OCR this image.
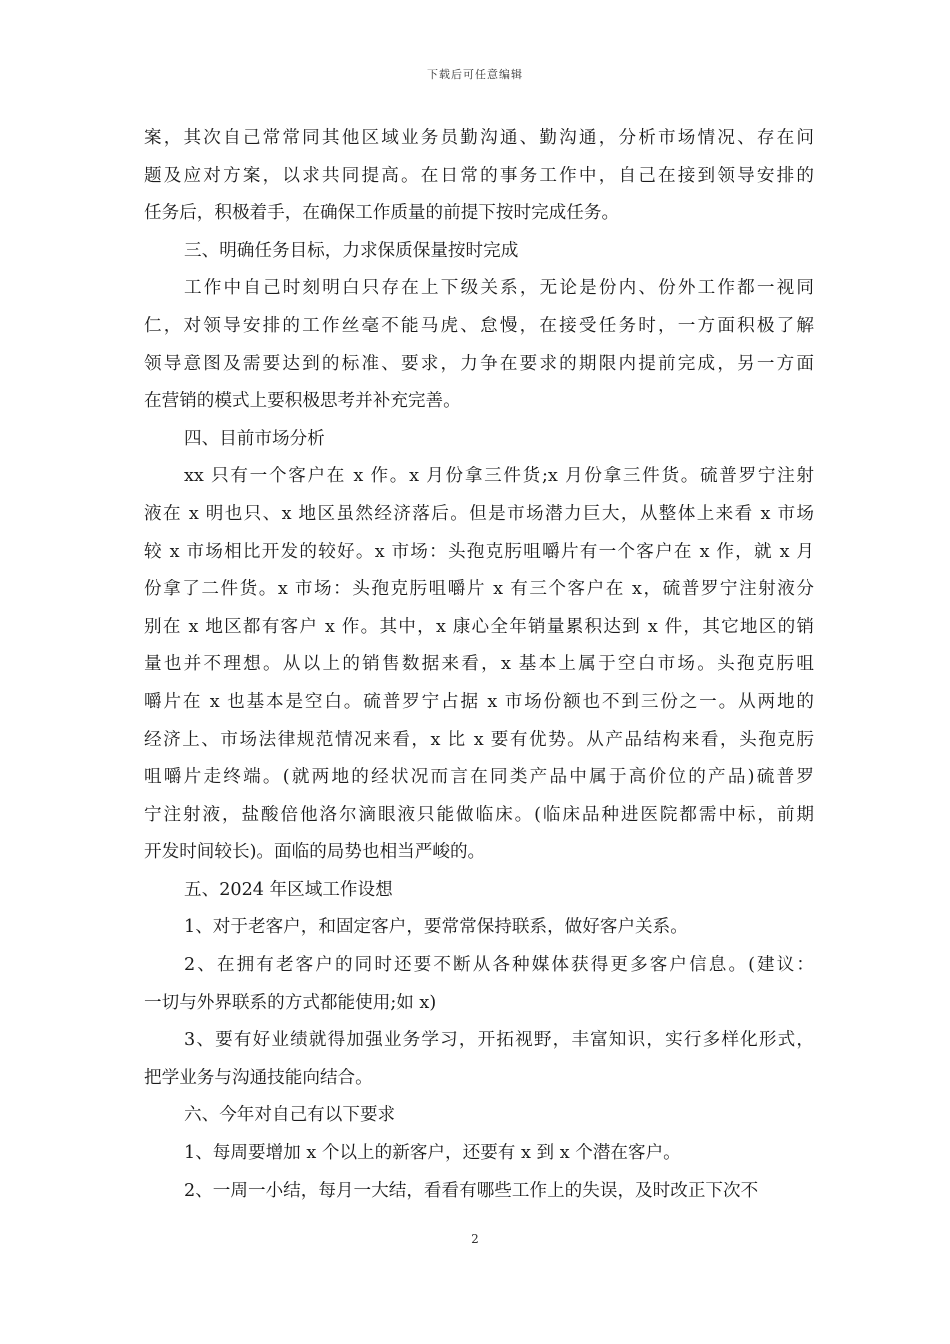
下载后可任意编辑
案，其次自己常常同其他区域业务员勤沟通、勤沟通，分析市场情况、存在问
题及应对方案，以求共同提高。在日常的事务工作中，自己在接到领导安排的
任务后，积极着手，在确保工作质量的前提下按时完成任务。
三、明确任务目标，力求保质保量按时完成
工作中自己时刻明白只存在上下级关系，无论是份内、份外工作都一视同
仁，对领导安排的工作丝毫不能马虎、怠慢，在接受任务时，一方面积极了解
领导意图及需要达到的标准、要求，力争在要求的期限内提前完成，另一方面
在营销的模式上要积极思考并补充完善。
四、目前市场分析
xx 只有一个客户在 x 作。x 月份拿三件货;x 月份拿三件货。硫普罗宁注射
液在 x 明也只、x 地区虽然经济落后。但是市场潜力巨大，从整体上来看 x 市场
较 x 市场相比开发的较好。x 市场：头孢克肟咀嚼片有一个客户在 x 作，就 x 月
份拿了二件货。x 市场：头孢克肟咀嚼片 x 有三个客户在 x，硫普罗宁注射液分
别在 x 地区都有客户 x 作。其中，x 康心全年销量累积达到 x 件，其它地区的销
量也并不理想。从以上的销售数据来看，x 基本上属于空白市场。头孢克肟咀
嚼片在 x 也基本是空白。硫普罗宁占据 x 市场份额也不到三份之一。从两地的
经济上、市场法律规范情况来看，x 比 x 要有优势。从产品结构来看，头孢克肟
咀嚼片走终端。(就两地的经状况而言在同类产品中属于高价位的产品)硫普罗
宁注射液，盐酸倍他洛尔滴眼液只能做临床。(临床品种进医院都需中标，前期
开发时间较长)。面临的局势也相当严峻的。
五、2024 年区域工作设想
1、对于老客户，和固定客户，要常常保持联系，做好客户关系。
2、在拥有老客户的同时还要不断从各种媒体获得更多客户信息。(建议：
一切与外界联系的方式都能使用;如 x)
3、要有好业绩就得加强业务学习，开拓视野，丰富知识，实行多样化形式，
把学业务与沟通技能向结合。
六、今年对自己有以下要求
1、每周要增加 x 个以上的新客户，还要有 x 到 x 个潜在客户。
2、一周一小结，每月一大结，看看有哪些工作上的失误，及时改正下次不
2
